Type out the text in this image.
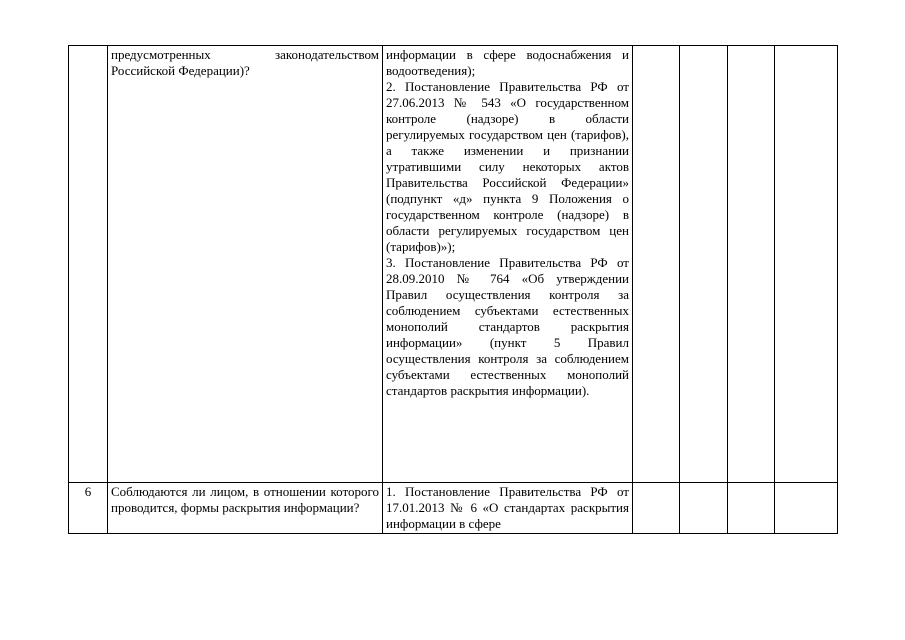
	предусмотренных законодательством Российской Федерации)?	информации в сфере водоснабжения и водоотведения);
2. Постановление Правительства РФ от 27.06.2013 № 543 «О государственном контроле (надзоре) в области регулируемых государством цен (тарифов), а также изменении и признании утратившими силу некоторых актов Правительства Российской Федерации» (подпункт «д» пункта 9 Положения о государственном контроле (надзоре) в области регулируемых государством цен (тарифов)»);
3. Постановление Правительства РФ от 28.09.2010 № 764 «Об утверждении Правил осуществления контроля за соблюдением субъектами естественных монополий стандартов раскрытия информации» (пункт 5 Правил осуществления контроля за соблюдением субъектами естественных монополий стандартов раскрытия информации).				

6	Соблюдаются ли лицом, в отношении которого проводится, формы раскрытия информации?	1. Постановление Правительства РФ от 17.01.2013 № 6 «О стандартах раскрытия информации в сфере				
